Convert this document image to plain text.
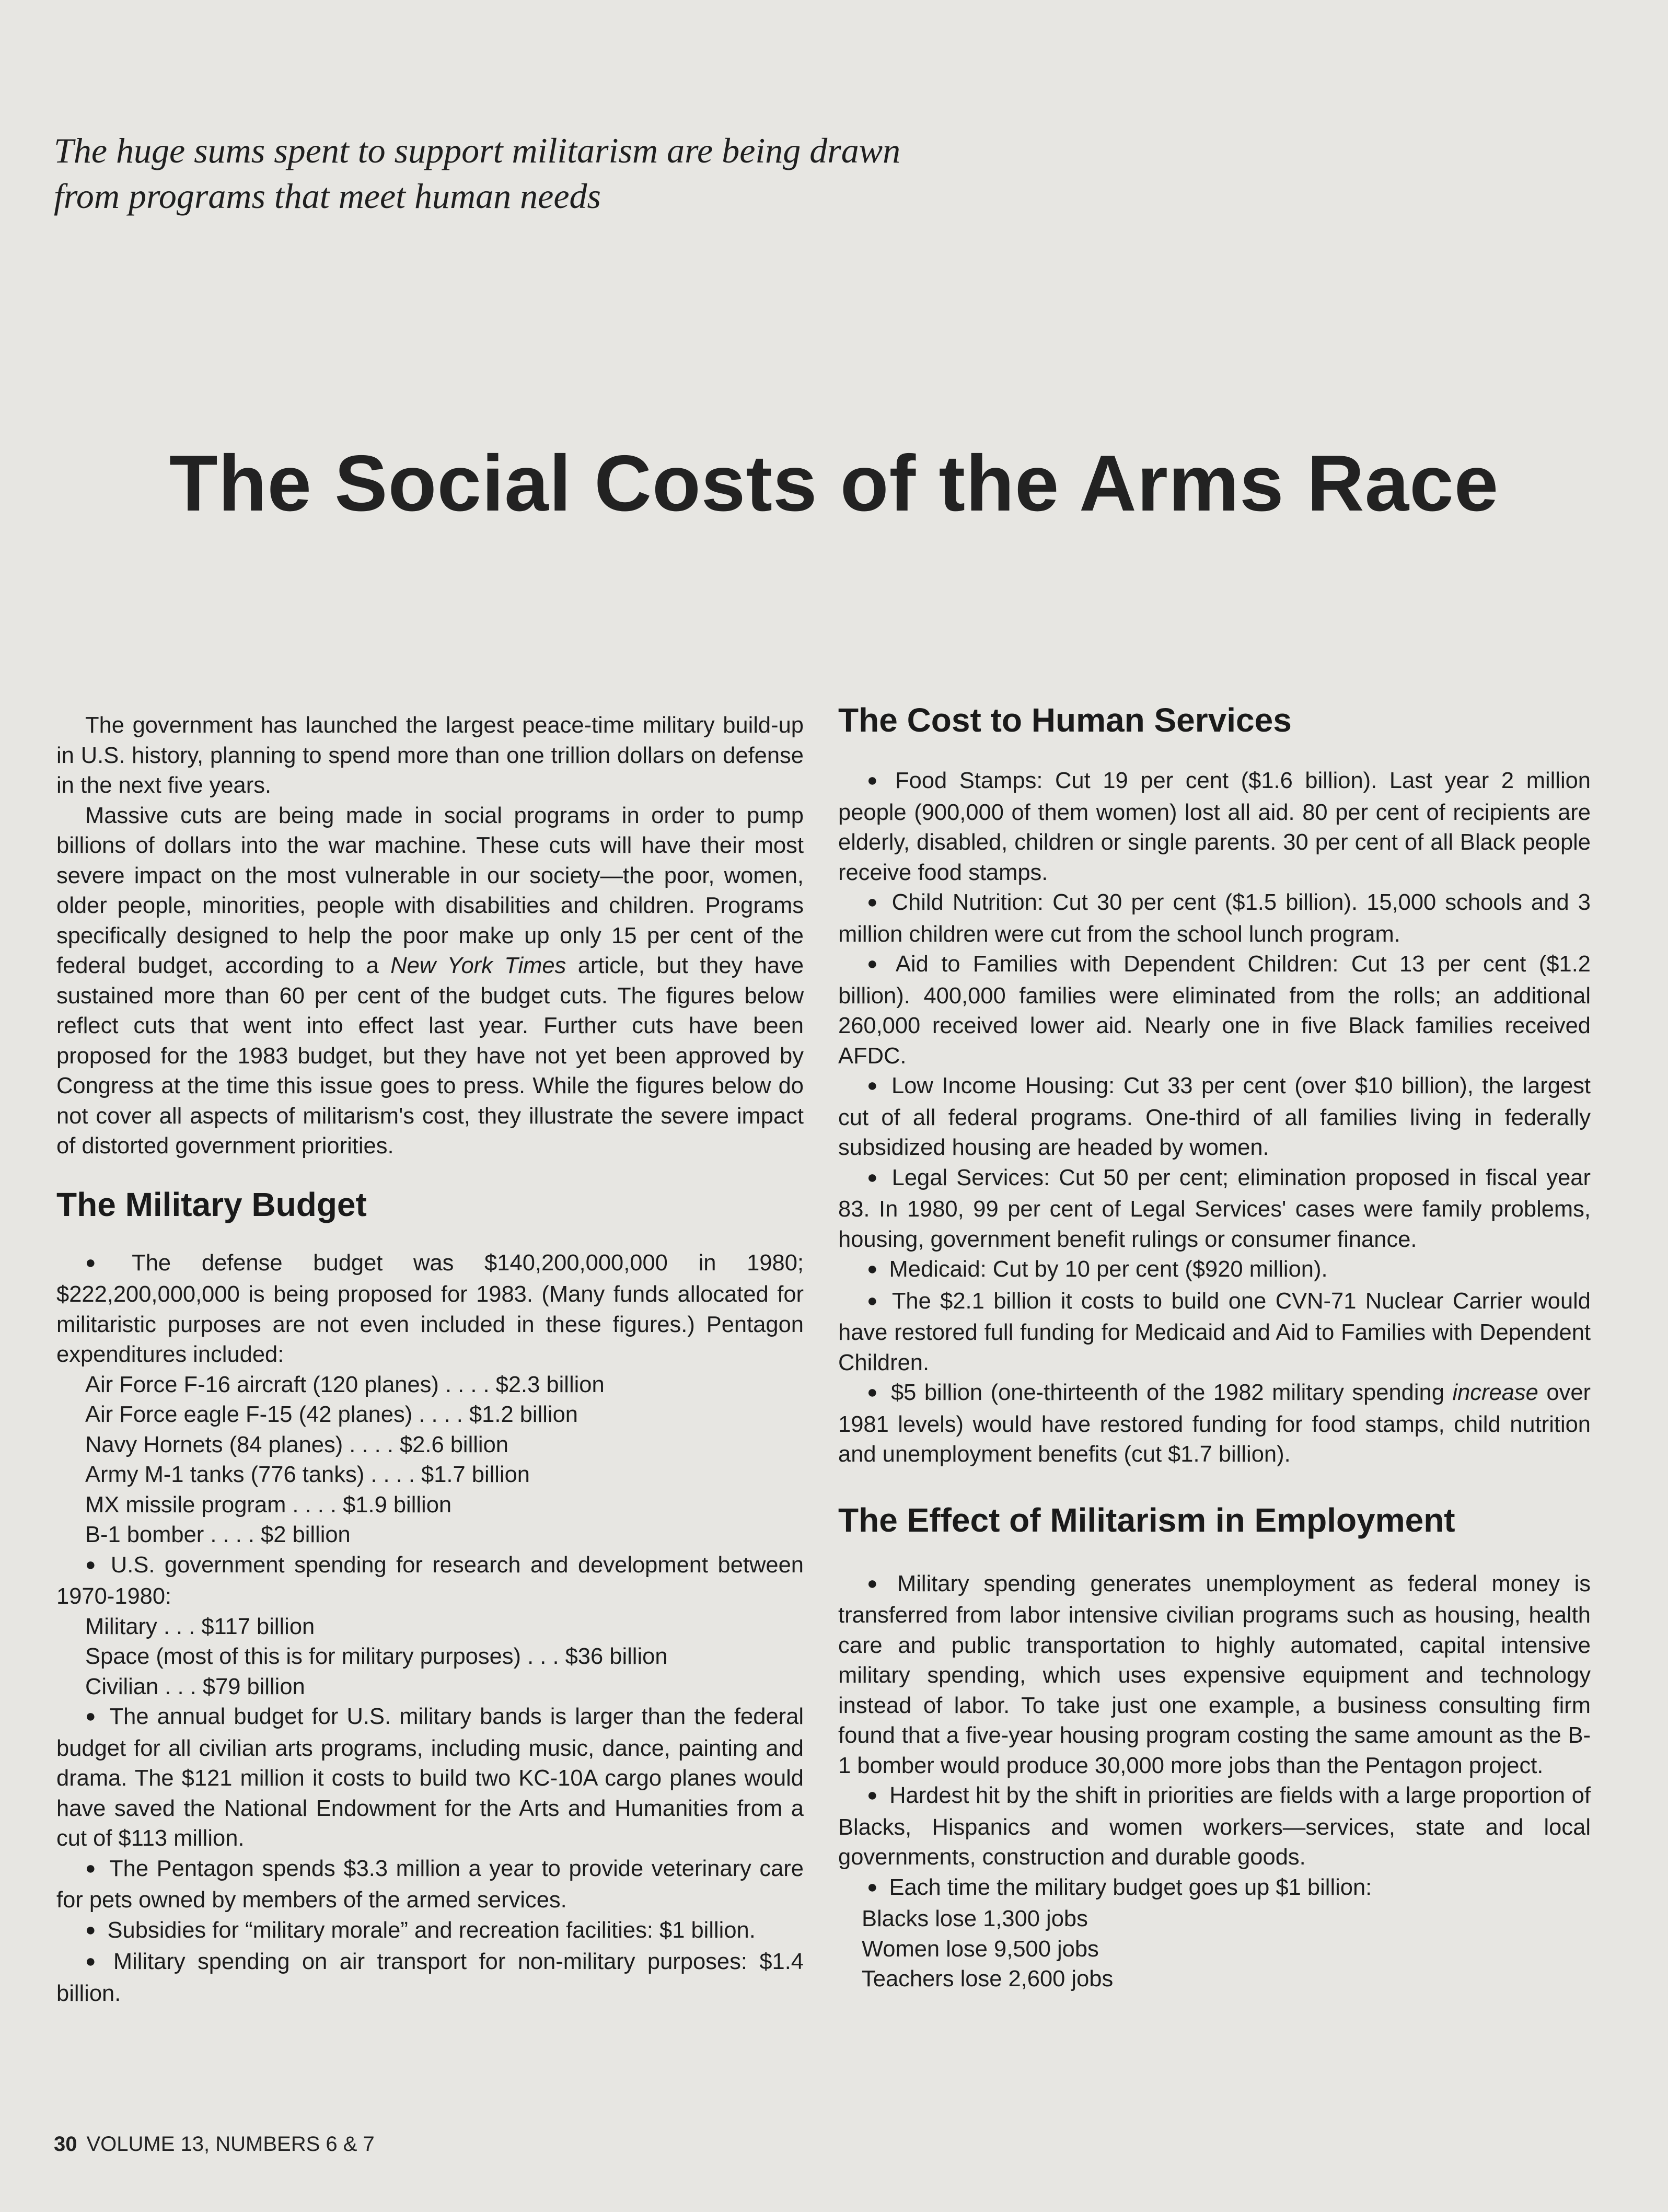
The huge sums spent to support militarism are being drawn
from programs that meet human needs
The Social Costs of the Arms Race

The government has launched the largest peace-time military build-up in U.S. history, planning to spend more than one trillion dollars on defense in the next five years.

Massive cuts are being made in social programs in order to pump billions of dollars into the war machine. These cuts will have their most severe impact on the most vulnerable in our society—the poor, women, older people, minorities, people with disabilities and children. Programs specifically designed to help the poor make up only 15 per cent of the federal budget, according to a New York Times article, but they have sustained more than 60 per cent of the budget cuts. The figures below reflect cuts that went into effect last year. Further cuts have been proposed for the 1983 budget, but they have not yet been approved by Congress at the time this issue goes to press. While the figures below do not cover all aspects of militarism's cost, they illustrate the severe impact of distorted government priorities.

The Military Budget

● The defense budget was $140,200,000,000 in 1980; $222,200,000,000 is being proposed for 1983. (Many funds allocated for militaristic purposes are not even included in these figures.) Pentagon expenditures included:

Air Force F-16 aircraft (120 planes) . . . . $2.3 billion
Air Force eagle F-15 (42 planes) . . . . $1.2 billion
Navy Hornets (84 planes) . . . . $2.6 billion
Army M-1 tanks (776 tanks) . . . . $1.7 billion
MX missile program . . . . $1.9 billion
B-1 bomber . . . . $2 billion

● U.S. government spending for research and development between 1970-1980:

Military . . . $117 billion
Space (most of this is for military purposes) . . . $36 billion
Civilian . . . $79 billion

● The annual budget for U.S. military bands is larger than the federal budget for all civilian arts programs, including music, dance, painting and drama. The $121 million it costs to build two KC-10A cargo planes would have saved the National Endowment for the Arts and Humanities from a cut of $113 million.

● The Pentagon spends $3.3 million a year to provide veterinary care for pets owned by members of the armed services.

● Subsidies for “military morale” and recreation facilities: $1 billion.

● Military spending on air transport for non-military purposes: $1.4 billion.

The Cost to Human Services

● Food Stamps: Cut 19 per cent ($1.6 billion). Last year 2 million people (900,000 of them women) lost all aid. 80 per cent of recipients are elderly, disabled, children or single parents. 30 per cent of all Black people receive food stamps.

● Child Nutrition: Cut 30 per cent ($1.5 billion). 15,000 schools and 3 million children were cut from the school lunch program.

● Aid to Families with Dependent Children: Cut 13 per cent ($1.2 billion). 400,000 families were eliminated from the rolls; an additional 260,000 received lower aid. Nearly one in five Black families received AFDC.

● Low Income Housing: Cut 33 per cent (over $10 billion), the largest cut of all federal programs. One-third of all families living in federally subsidized housing are headed by women.

● Legal Services: Cut 50 per cent; elimination proposed in fiscal year 83. In 1980, 99 per cent of Legal Services' cases were family problems, housing, government benefit rulings or consumer finance.

● Medicaid: Cut by 10 per cent ($920 million).

● The $2.1 billion it costs to build one CVN-71 Nuclear Carrier would have restored full funding for Medicaid and Aid to Families with Dependent Children.

● $5 billion (one-thirteenth of the 1982 military spending increase over 1981 levels) would have restored funding for food stamps, child nutrition and unemployment benefits (cut $1.7 billion).

The Effect of Militarism in Employment

● Military spending generates unemployment as federal money is transferred from labor intensive civilian programs such as housing, health care and public transportation to highly automated, capital intensive military spending, which uses expensive equipment and technology instead of labor. To take just one example, a business consulting firm found that a five-year housing program costing the same amount as the B-1 bomber would produce 30,000 more jobs than the Pentagon project.

● Hardest hit by the shift in priorities are fields with a large proportion of Blacks, Hispanics and women workers—services, state and local governments, construction and durable goods.

● Each time the military budget goes up $1 billion:

Blacks lose 1,300 jobs
Women lose 9,500 jobs
Teachers lose 2,600 jobs
30 VOLUME 13, NUMBERS 6 & 7
